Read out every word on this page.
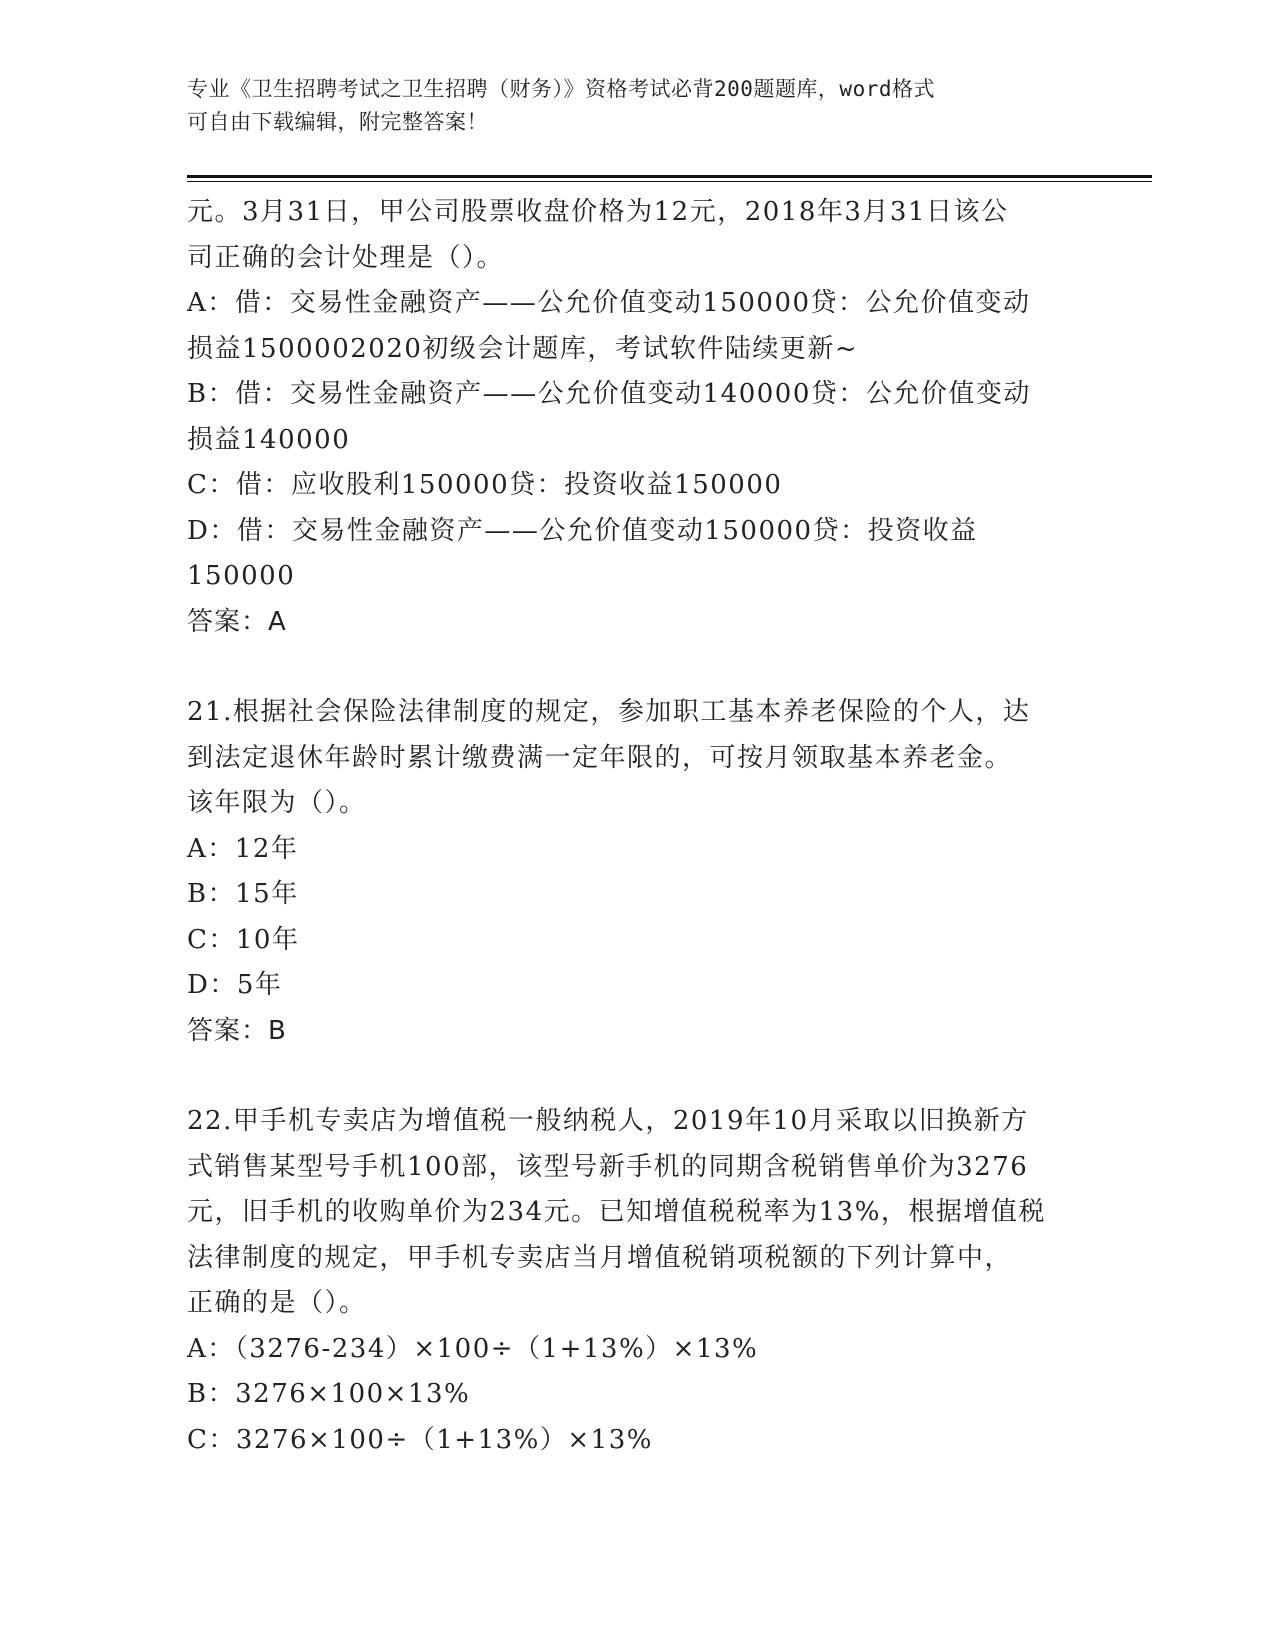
专业《卫生招聘考试之卫生招聘（财务）》资格考试必背200题题库，word格式
可自由下载编辑，附完整答案！

元。3月31日，甲公司股票收盘价格为12元，2018年3月31日该公

司正确的会计处理是（）。

A：借：交易性金融资产——公允价值变动150000贷：公允价值变动

损益1500002020初级会计题库，考试软件陆续更新~

B：借：交易性金融资产——公允价值变动140000贷：公允价值变动

损益140000

C：借：应收股利150000贷：投资收益150000

D：借：交易性金融资产——公允价值变动150000贷：投资收益

150000

答案：A

21.根据社会保险法律制度的规定，参加职工基本养老保险的个人，达

到法定退休年龄时累计缴费满一定年限的，可按月领取基本养老金。

该年限为（）。

A：12年

B：15年

C：10年

D：5年

答案：B

22.甲手机专卖店为增值税一般纳税人，2019年10月采取以旧换新方

式销售某型号手机100部，该型号新手机的同期含税销售单价为3276

元，旧手机的收购单价为234元。已知增值税税率为13%，根据增值税

法律制度的规定，甲手机专卖店当月增值税销项税额的下列计算中，

正确的是（）。

A：（3276-234）×100÷（1+13%）×13%

B：3276×100×13%

C：3276×100÷（1+13%）×13%
